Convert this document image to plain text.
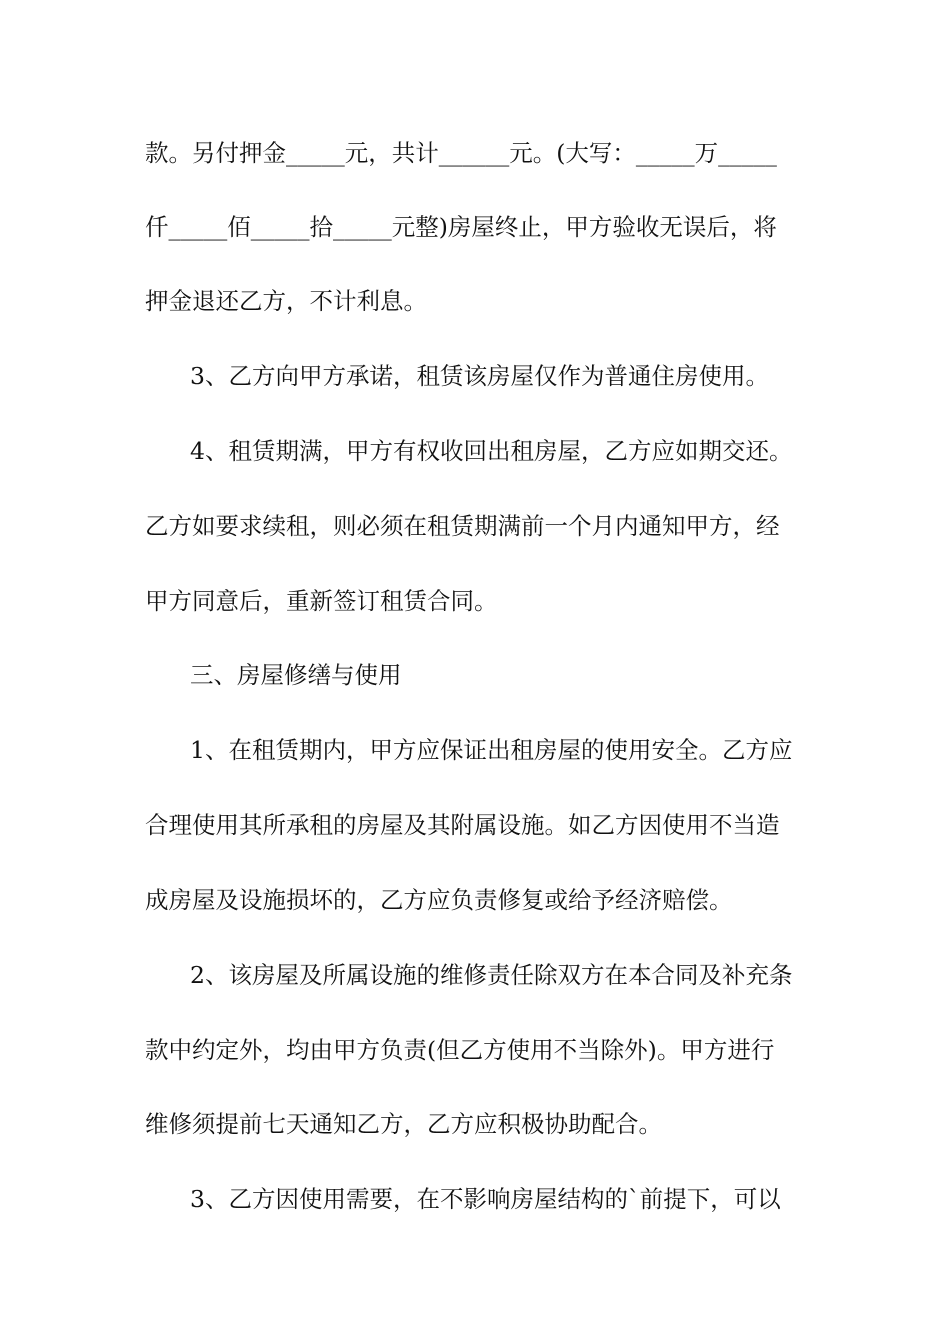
款。另付押金_____元，共计______元。(大写：_____万_____
仟_____佰_____拾_____元整)房屋终止，甲方验收无误后，将
押金退还乙方，不计利息。
3、乙方向甲方承诺，租赁该房屋仅作为普通住房使用。
4、租赁期满，甲方有权收回出租房屋，乙方应如期交还。
乙方如要求续租，则必须在租赁期满前一个月内通知甲方，经
甲方同意后，重新签订租赁合同。
三、房屋修缮与使用
1、在租赁期内，甲方应保证出租房屋的使用安全。乙方应
合理使用其所承租的房屋及其附属设施。如乙方因使用不当造
成房屋及设施损坏的，乙方应负责修复或给予经济赔偿。
2、该房屋及所属设施的维修责任除双方在本合同及补充条
款中约定外，均由甲方负责(但乙方使用不当除外)。甲方进行
维修须提前七天通知乙方，乙方应积极协助配合。
3、乙方因使用需要，在不影响房屋结构的`前提下，可以
